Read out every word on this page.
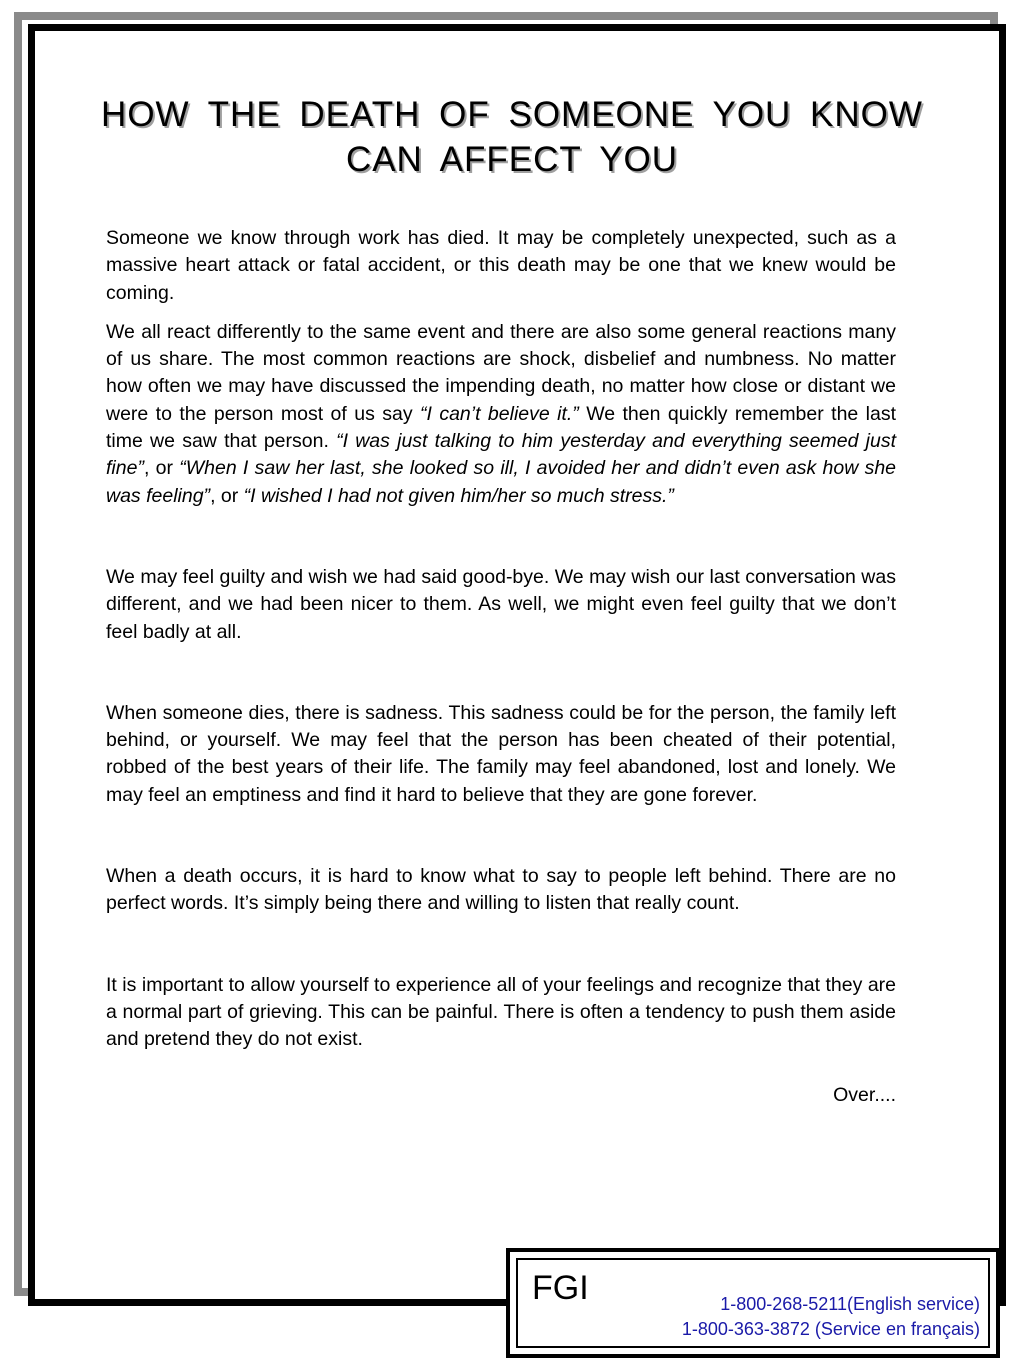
HOW THE DEATH OF SOMEONE YOU KNOW
CAN AFFECT YOU

Someone we know through work has died. It may be completely unexpected, such as a massive heart attack or fatal accident, or this death may be one that we knew would be coming.

We all react differently to the same event and there are also some general reactions many of us share. The most common reactions are shock, disbelief and numbness. No matter how often we may have discussed the impending death, no matter how close or distant we were to the person most of us say “I can’t believe it.” We then quickly remember the last time we saw that person. “I was just talking to him yesterday and everything seemed just fine”, or “When I saw her last, she looked so ill, I avoided her and didn’t even ask how she was feeling”, or “I wished I had not given him/her so much stress.”

We may feel guilty and wish we had said good-bye. We may wish our last conversation was different, and we had been nicer to them. As well, we might even feel guilty that we don’t feel badly at all.

When someone dies, there is sadness. This sadness could be for the person, the family left behind, or yourself. We may feel that the person has been cheated of their potential, robbed of the best years of their life. The family may feel abandoned, lost and lonely. We may feel an emptiness and find it hard to believe that they are gone forever.

When a death occurs, it is hard to know what to say to people left behind. There are no perfect words. It’s simply being there and willing to listen that really count.

It is important to allow yourself to experience all of your feelings and recognize that they are a normal part of grieving. This can be painful. There is often a tendency to push them aside and pretend they do not exist.

Over....

FGI	1-800-268-5211(English service)
1-800-363-3872 (Service en français)
